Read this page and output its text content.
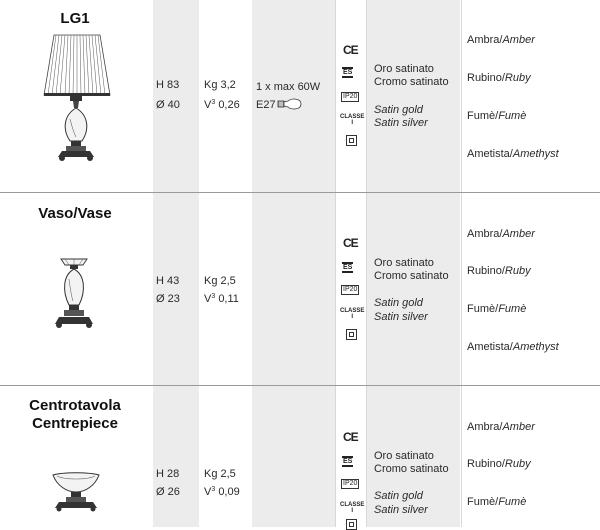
LG1
H 83
Ø 40
Kg 3,2
$V^3$ 0,26
1 x max 60W
E27
CE
ES
IP20
CLASSE I
Oro satinato
Cromo satinato
Satin gold
Satin silver
Ambra/Amber
Rubino/Ruby
Fumè/Fumè
Ametista/Amethyst
Vaso/Vase
H 43
Ø 23
Kg 2,5
$V^3$ 0,11
CE
ES
IP20
CLASSE I
Oro satinato
Cromo satinato
Satin gold
Satin silver
Ambra/Amber
Rubino/Ruby
Fumè/Fumè
Ametista/Amethyst
Centrotavola
Centrepiece
H 28
Ø 26
Kg 2,5
$V^3$ 0,09
CE
ES
IP20
CLASSE I
Oro satinato
Cromo satinato
Satin gold
Satin silver
Ambra/Amber
Rubino/Ruby
Fumè/Fumè
